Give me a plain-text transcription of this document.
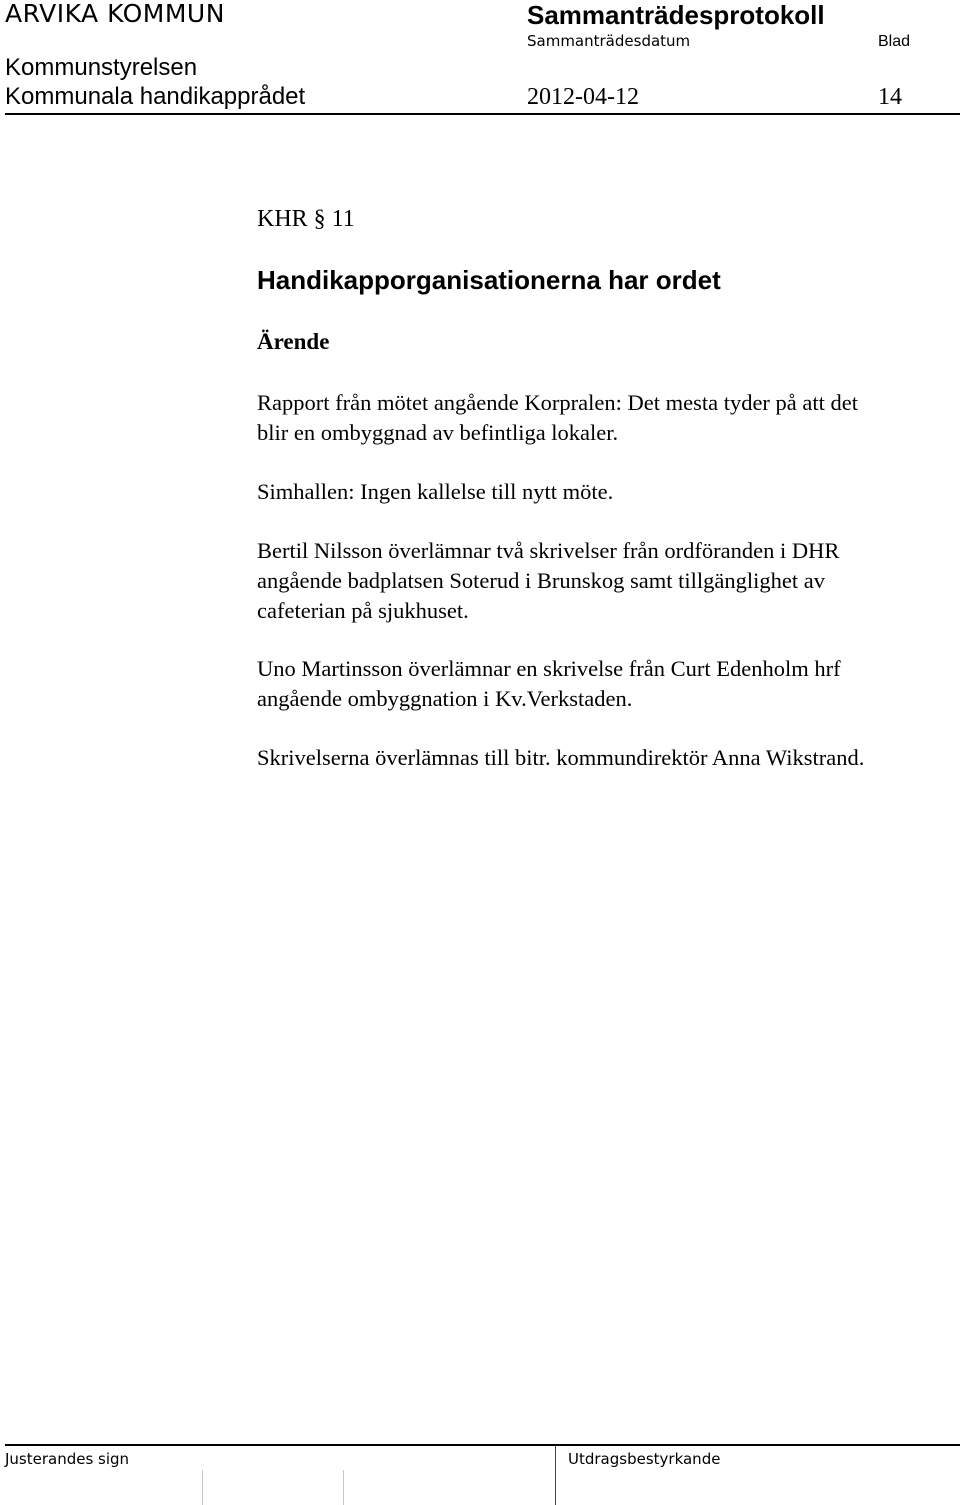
ARVIKA KOMMUN	Sammanträdesprotokoll
Sammanträdesdatum	Blad
Kommunstyrelsen
Kommunala handikapprådet	2012-04-12	14
KHR § 11
Handikapporganisationerna har ordet
Ärende
Rapport från mötet angående Korpralen: Det mesta tyder på att det
blir en ombyggnad av befintliga lokaler.
Simhallen: Ingen kallelse till nytt möte.
Bertil Nilsson överlämnar två skrivelser från ordföranden i DHR
angående badplatsen Soterud i Brunskog samt tillgänglighet av
cafeterian på sjukhuset.
Uno Martinsson överlämnar en skrivelse från Curt Edenholm hrf
angående ombyggnation i Kv.Verkstaden.
Skrivelserna överlämnas till bitr. kommundirektör Anna Wikstrand.
Justerandes sign	Utdragsbestyrkande
